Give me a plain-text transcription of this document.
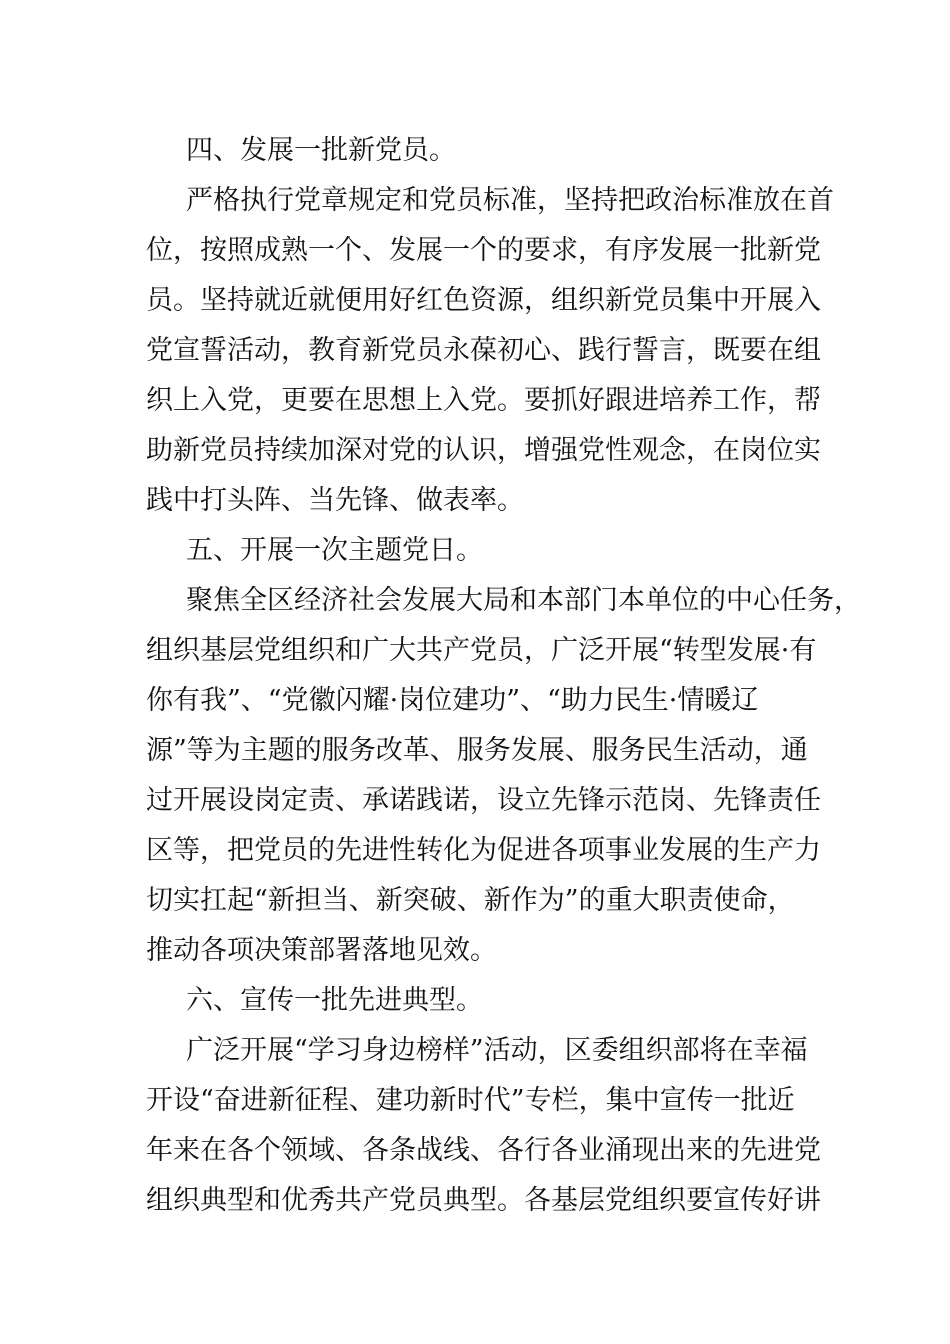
四、发展一批新党员。
严格执行党章规定和党员标准，坚持把政治标准放在首
位，按照成熟一个、发展一个的要求，有序发展一批新党
员。坚持就近就便用好红色资源，组织新党员集中开展入
党宣誓活动，教育新党员永葆初心、践行誓言，既要在组
织上入党，更要在思想上入党。要抓好跟进培养工作，帮
助新党员持续加深对党的认识，增强党性观念，在岗位实
践中打头阵、当先锋、做表率。
五、开展一次主题党日。
聚焦全区经济社会发展大局和本部门本单位的中心任务，
组织基层党组织和广大共产党员，广泛开展“转型发展·有
你有我”、“党徽闪耀·岗位建功”、“助力民生·情暖辽
源”等为主题的服务改革、服务发展、服务民生活动，通
过开展设岗定责、承诺践诺，设立先锋示范岗、先锋责任
区等，把党员的先进性转化为促进各项事业发展的生产力
切实扛起“新担当、新突破、新作为”的重大职责使命，
推动各项决策部署落地见效。
六、宣传一批先进典型。
广泛开展“学习身边榜样”活动，区委组织部将在幸福
开设“奋进新征程、建功新时代”专栏，集中宣传一批近
年来在各个领域、各条战线、各行各业涌现出来的先进党
组织典型和优秀共产党员典型。各基层党组织要宣传好讲
